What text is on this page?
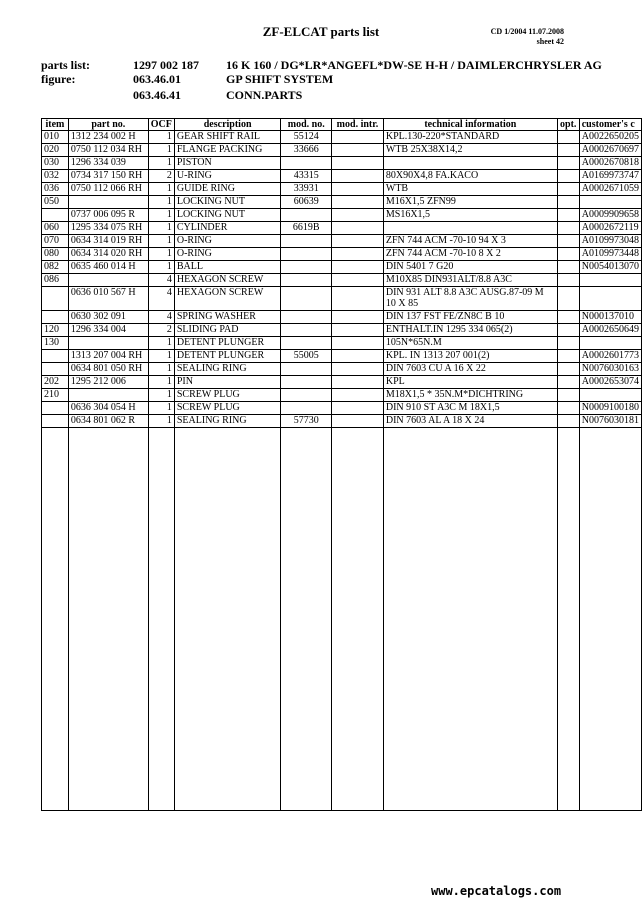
ZF-ELCAT parts list	CD 1/2004 11.07.2008
sheet 42
parts list:	1297 002 187 16 K 160 / DG*LR*ANGEFL*DW-SE H-H / DAIMLERCHRYSLER AG
figure:	063.46.01	GP SHIFT SYSTEM
063.46.41	CONN.PARTS
item	part no.	OCF	description	mod. no.	mod. intr.	technical information	opt.	customer's c
010	1312 234 002 H	1	GEAR SHIFT RAIL	55124		KPL.130-220*STANDARD		A0022650205
020	0750 112 034 RH	1	FLANGE PACKING	33666		WTB 25X38X14,2		A0002670697
030	1296 334 039	1	PISTON					A0002670818
032	0734 317 150 RH	2	U-RING	43315		80X90X4,8 FA.KACO		A0169973747
036	0750 112 066 RH	1	GUIDE RING	33931		WTB		A0002671059
050		1	LOCKING NUT	60639		M16X1,5 ZFN99		
	0737 006 095 R	1	LOCKING NUT			MS16X1,5		A0009909658
060	1295 334 075 RH	1	CYLINDER	6619B				A0002672119
070	0634 314 019 RH	1	O-RING			ZFN 744 ACM -70-10 94 X 3		A0109973048
080	0634 314 020 RH	1	O-RING			ZFN 744 ACM -70-10 8 X 2		A0109973448
082	0635 460 014 H	1	BALL			DIN 5401 7 G20		N0054013070
086		4	HEXAGON SCREW			M10X85 DIN931ALT/8.8 A3C		
	0636 010 567 H	4	HEXAGON SCREW			DIN 931 ALT 8.8 A3C AUSG.87-09 M 10 X 85		
	0630 302 091	4	SPRING WASHER			DIN 137 FST FE/ZN8C B 10		N000137010
120	1296 334 004	2	SLIDING PAD			ENTHALT.IN 1295 334 065(2)		A0002650649
130		1	DETENT PLUNGER			105N*65N.M		
	1313 207 004 RH	1	DETENT PLUNGER	55005		KPL. IN 1313 207 001(2)		A0002601773
	0634 801 050 RH	1	SEALING RING			DIN 7603 CU A 16 X 22		N0076030163
202	1295 212 006	1	PIN			KPL		A0002653074
210		1	SCREW PLUG			M18X1,5 * 35N.M*DICHTRING		
	0636 304 054 H	1	SCREW PLUG			DIN 910 ST A3C M 18X1,5		N0009100180
	0634 801 062 R	1	SEALING RING	57730		DIN 7603 AL A 18 X 24		N0076030181

www.epcatalogs.com
